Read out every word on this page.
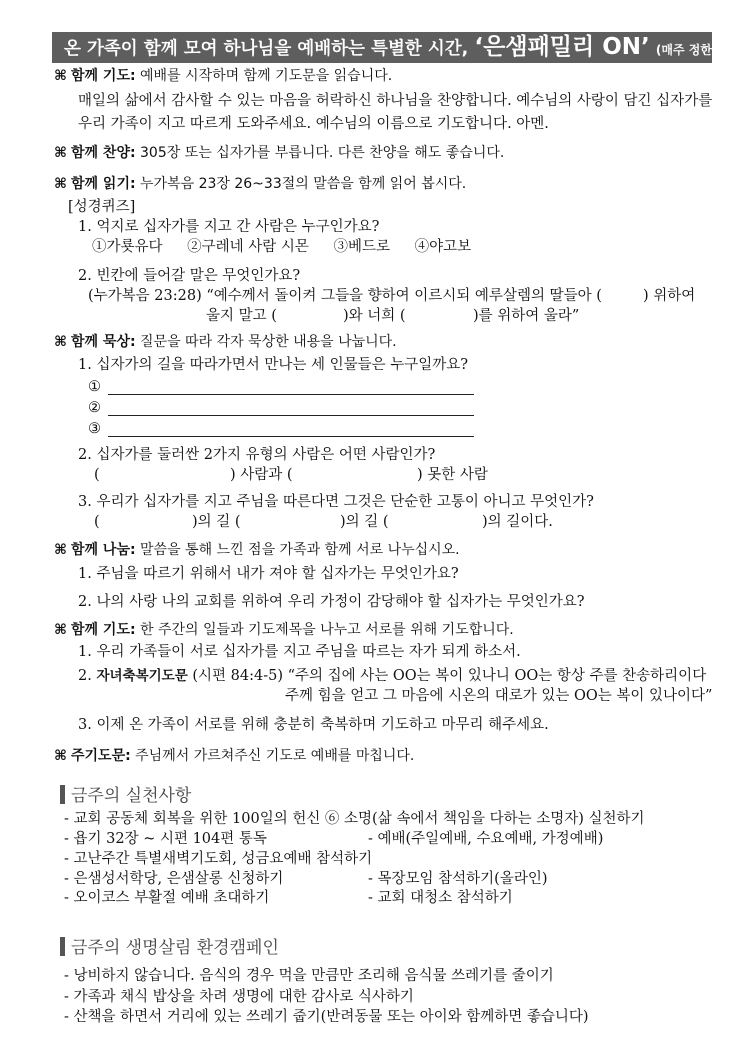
온 가족이 함께 모여 하나님을 예배하는 특별한 시간, ‘은샘패밀리 ON’ (매주 정한 시간에)
⌘ 함께 기도: 예배를 시작하며 함께 기도문을 읽습니다.
매일의 삶에서 감사할 수 있는 마음을 허락하신 하나님을 찬양합니다. 예수님의 사랑이 담긴 십자가를
우리 가족이 지고 따르게 도와주세요. 예수님의 이름으로 기도합니다. 아멘.
⌘ 함께 찬양: 305장 또는 십자가를 부릅니다. 다른 찬양을 해도 좋습니다.
⌘ 함께 읽기: 누가복음 23장 26~33절의 말씀을 함께 읽어 봅시다.
[성경퀴즈]
1. 억지로 십자가를 지고 간 사람은 누구인가요?
①가룟유다 ②구레네 사람 시몬 ③베드로 ④야고보
2. 빈칸에 들어갈 말은 무엇인가요?
(누가복음 23:28) “예수께서 돌이켜 그들을 향하여 이르시되 예루살렘의 딸들아 (	) 위하여
울지 말고 (	)와 너희 (	)를 위하여 울라”
⌘ 함께 묵상: 질문을 따라 각자 묵상한 내용을 나눕니다.
1. 십자가의 길을 따라가면서 만나는 세 인물들은 누구일까요?
①
②
③
2. 십자가를 둘러싼 2가지 유형의 사람은 어떤 사람인가?
(	) 사람과 (	) 못한 사람
3. 우리가 십자가를 지고 주님을 따른다면 그것은 단순한 고통이 아니고 무엇인가?
(	)의 길 (	)의 길 (	)의 길이다.
⌘ 함께 나눔: 말씀을 통해 느낀 점을 가족과 함께 서로 나누십시오.
1. 주님을 따르기 위해서 내가 져야 할 십자가는 무엇인가요?
2. 나의 사랑 나의 교회를 위하여 우리 가정이 감당해야 할 십자가는 무엇인가요?
⌘ 함께 기도: 한 주간의 일들과 기도제목을 나누고 서로를 위해 기도합니다.
1. 우리 가족들이 서로 십자가를 지고 주님을 따르는 자가 되게 하소서.
2. 자녀축복기도문 (시편 84:4-5) “주의 집에 사는 OO는 복이 있나니 OO는 항상 주를 찬송하리이다
주께 힘을 얻고 그 마음에 시온의 대로가 있는 OO는 복이 있나이다”
3. 이제 온 가족이 서로를 위해 충분히 축복하며 기도하고 마무리 해주세요.
⌘ 주기도문: 주님께서 가르쳐주신 기도로 예배를 마칩니다.
금주의 실천사항
- 교회 공동체 회복을 위한 100일의 헌신 ⑥ 소명(삶 속에서 책임을 다하는 소명자) 실천하기
- 욥기 32장 ~ 시편 104편 통독	- 예배(주일예배, 수요예배, 가정예배)
- 고난주간 특별새벽기도회, 성금요예배 참석하기
- 은샘성서학당, 은샘살롱 신청하기	- 목장모임 참석하기(올라인)
- 오이코스 부활절 예배 초대하기	- 교회 대청소 참석하기
금주의 생명살림 환경캠페인
- 낭비하지 않습니다. 음식의 경우 먹을 만큼만 조리해 음식물 쓰레기를 줄이기
- 가족과 채식 밥상을 차려 생명에 대한 감사로 식사하기
- 산책을 하면서 거리에 있는 쓰레기 줍기(반려동물 또는 아이와 함께하면 좋습니다)
